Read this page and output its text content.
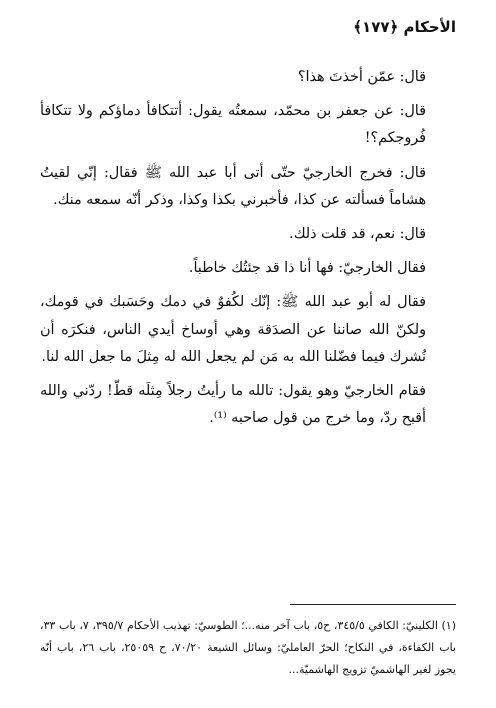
الأحكام ﴿١٧٧﴾

قال: عمّن أخذتَ هذا؟

قال: عن جعفر بن محمّد، سمعتُه يقول: أتتكافأ دماؤكم ولا تتكافأ فُروجكم؟!

قال: فخرج الخارجيّ حتّى أتى أبا عبد الله ﷺ فقال: إنّي لقيتُ هشاماً فسألته عن كذا، فأخبرني بكذا وكذا، وذكر أنّه سمعه منك.

قال: نعم، قد قلت ذلك.

فقال الخارجيّ: فها أنا ذا قد جئتُك خاطباً.

فقال له أبو عبد الله ﷺ: إنّك لكُفوٌ في دمك وحَسَبك في قومك، ولكنّ الله صاننا عن الصدَقة وهي أوساخ أيدي الناس، فنكرَه أن نُشرك فيما فضّلنا الله به مَن لم يجعل الله له مِثلَ ما جعل الله لنا.

فقام الخارجيّ وهو يقول: تالله ما رأيتُ رجلاً مِثلَه قطّ! ردّني والله أقبح ردّ، وما خرج من قول صاحبه ⁽¹⁾.

(١) الكلينيّ: الكافي ٣٤٥/٥، ح٥، باب آخر منه...؛ الطوسيّ: تهذيب الأحكام ٣٩٥/٧، ٧، باب ٣٣، باب الكفاءة، في النكاح؛ الحرّ العامليّ: وسائل الشيعة ٧٠/٢٠، ح ٢٥٠٥٩، باب ٢٦، باب أنّه يجوز لغير الهاشميّ تزويج الهاشميّة...
